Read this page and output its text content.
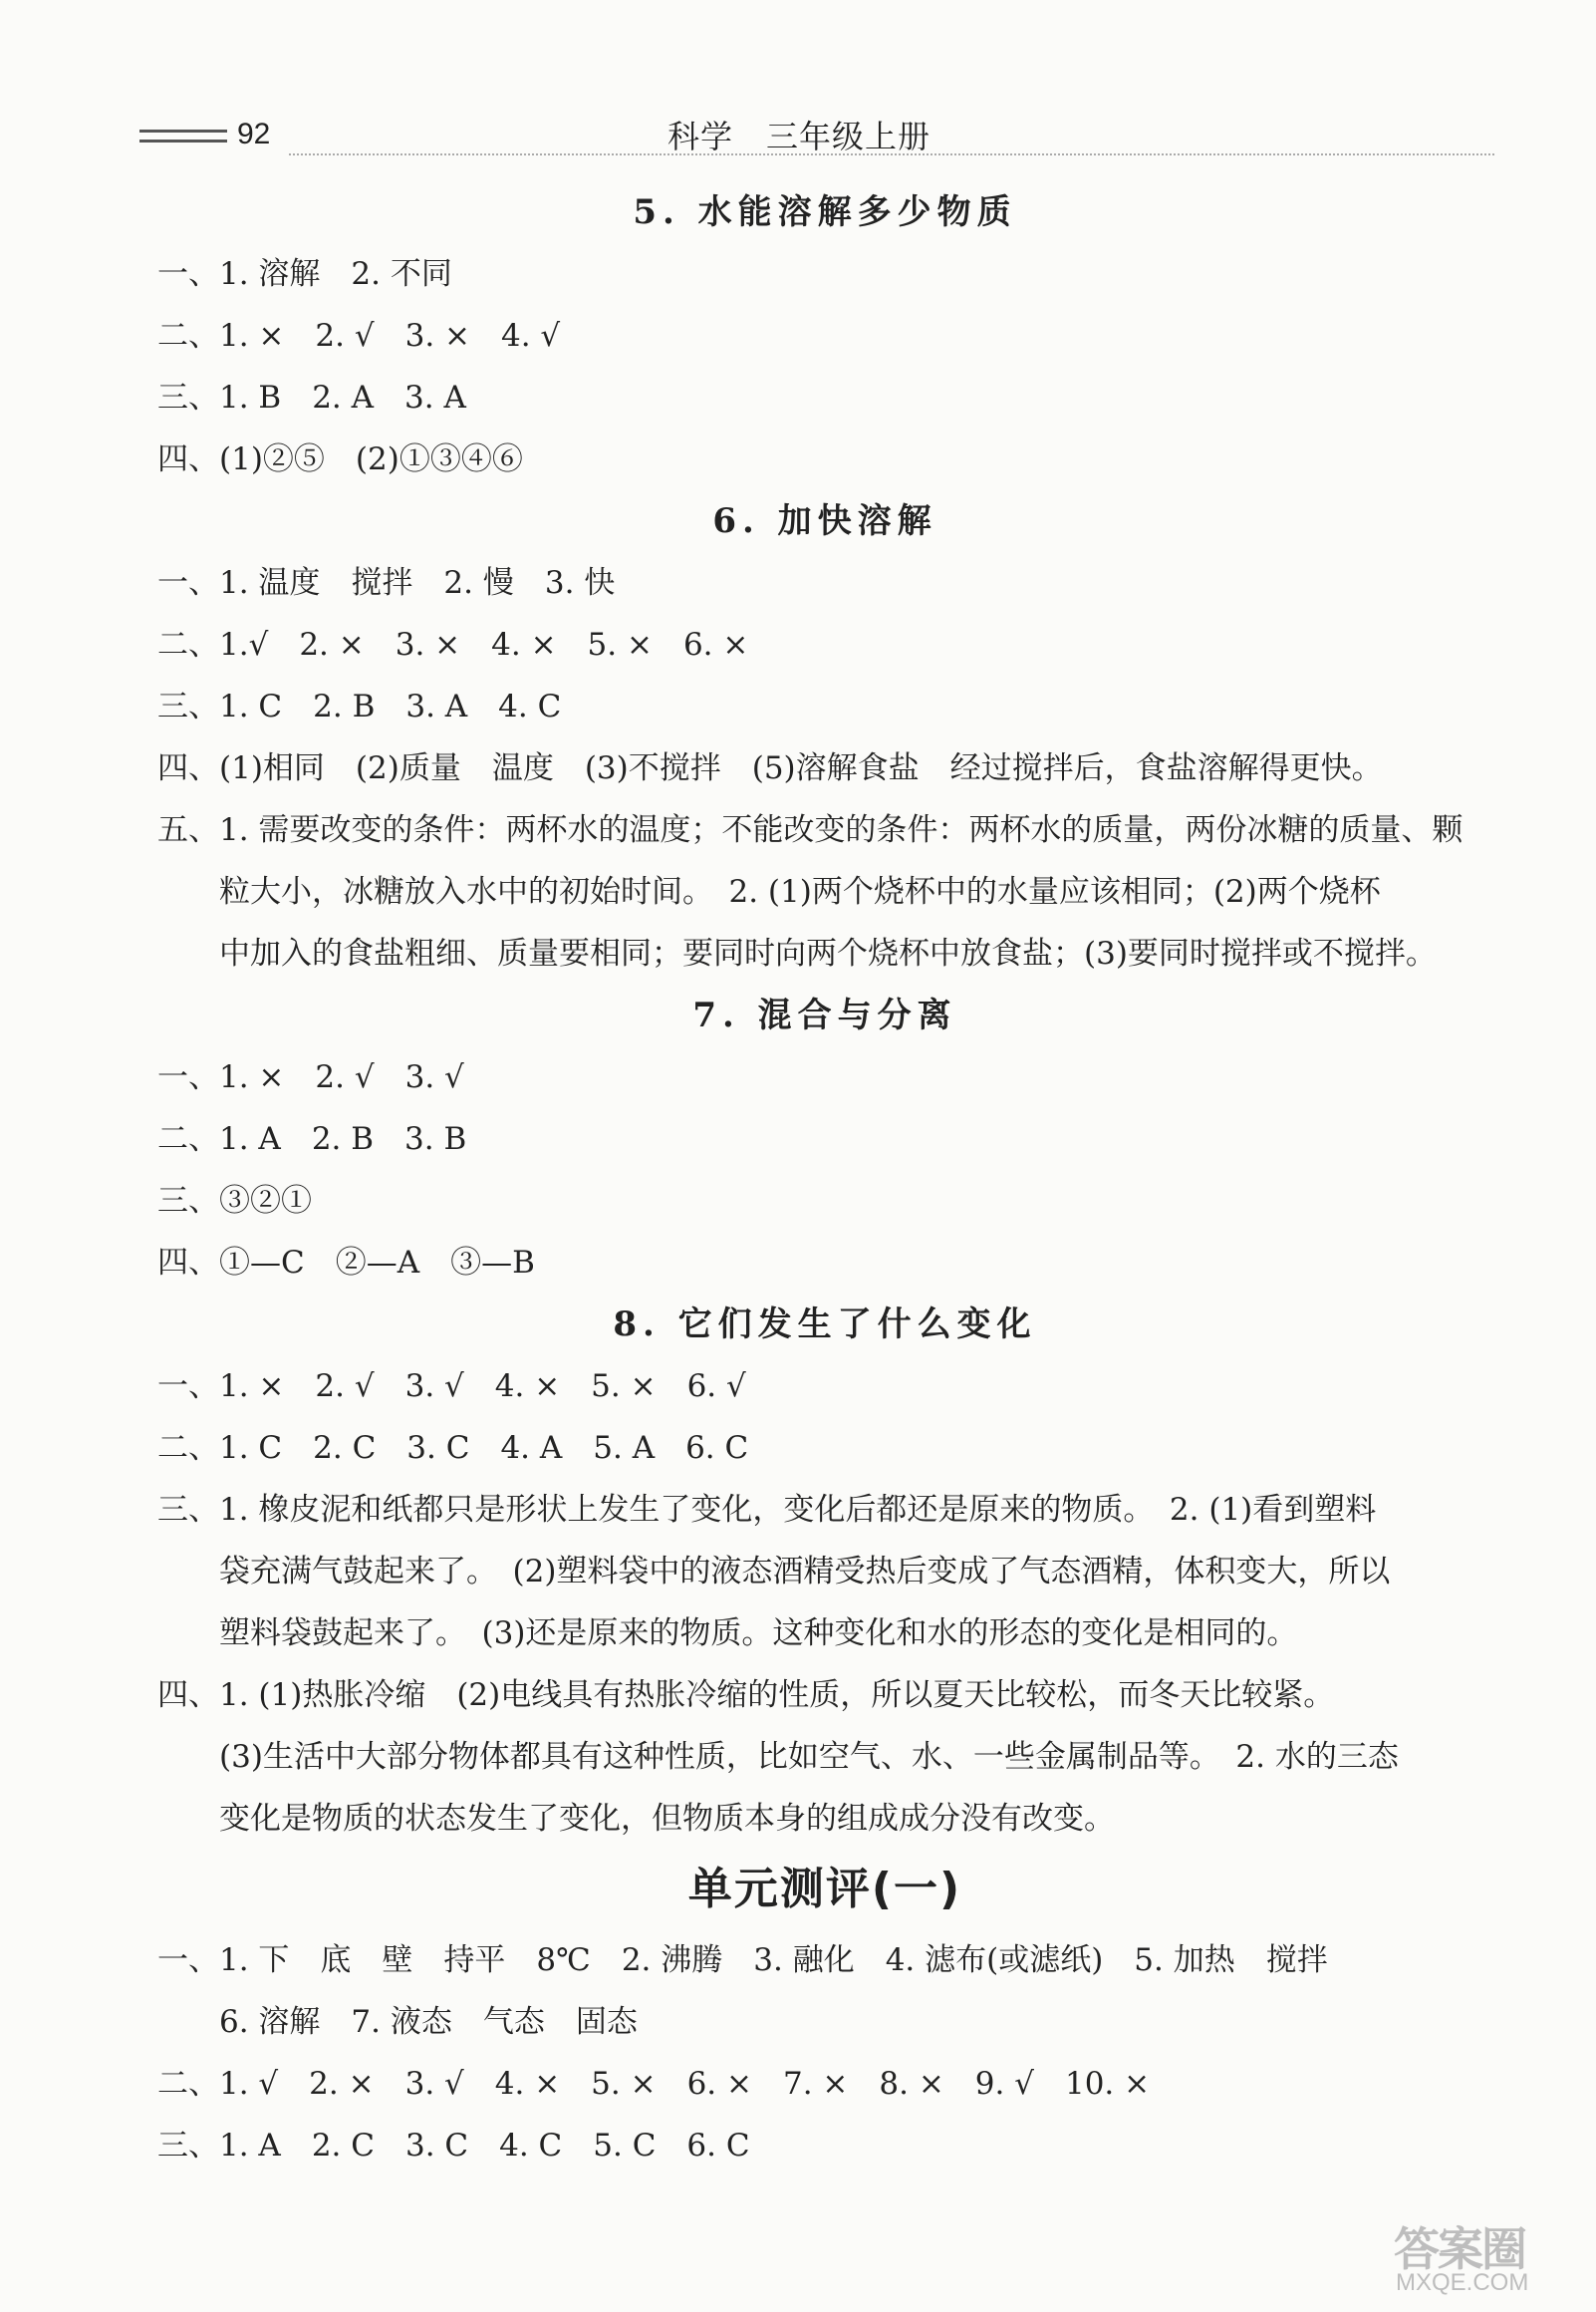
92	科学　三年级上册
5. 水能溶解多少物质
一、1. 溶解　2. 不同
二、1. ×　2. √　3. ×　4. √
三、1. B　2. A　3. A
四、(1)②⑤　(2)①③④⑥
6. 加快溶解
一、1. 温度　搅拌　2. 慢　3. 快
二、1.√　2. ×　3. ×　4. ×　5. ×　6. ×
三、1. C　2. B　3. A　4. C
四、(1)相同　(2)质量　温度　(3)不搅拌　(5)溶解食盐　经过搅拌后，食盐溶解得更快。
五、1. 需要改变的条件：两杯水的温度；不能改变的条件：两杯水的质量，两份冰糖的质量、颗
粒大小，冰糖放入水中的初始时间。　2. (1)两个烧杯中的水量应该相同；(2)两个烧杯
中加入的食盐粗细、质量要相同；要同时向两个烧杯中放食盐；(3)要同时搅拌或不搅拌。
7. 混合与分离
一、1. ×　2. √　3. √
二、1. A　2. B　3. B
三、③②①
四、①—C　②—A　③—B
8. 它们发生了什么变化
一、1. ×　2. √　3. √　4. ×　5. ×　6. √
二、1. C　2. C　3. C　4. A　5. A　6. C
三、1. 橡皮泥和纸都只是形状上发生了变化，变化后都还是原来的物质。　2. (1)看到塑料
袋充满气鼓起来了。　(2)塑料袋中的液态酒精受热后变成了气态酒精，体积变大，所以
塑料袋鼓起来了。　(3)还是原来的物质。这种变化和水的形态的变化是相同的。
四、1. (1)热胀冷缩　(2)电线具有热胀冷缩的性质，所以夏天比较松，而冬天比较紧。
(3)生活中大部分物体都具有这种性质，比如空气、水、一些金属制品等。　2. 水的三态
变化是物质的状态发生了变化，但物质本身的组成成分没有改变。
单元测评(一)
一、1. 下　底　壁　持平　8℃　2. 沸腾　3. 融化　4. 滤布(或滤纸)　5. 加热　搅拌
6. 溶解　7. 液态　气态　固态
二、1. √　2. ×　3. √　4. ×　5. ×　6. ×　7. ×　8. ×　9. √　10. ×
三、1. A　2. C　3. C　4. C　5. C　6. C
答案圈
MXQE.COM
